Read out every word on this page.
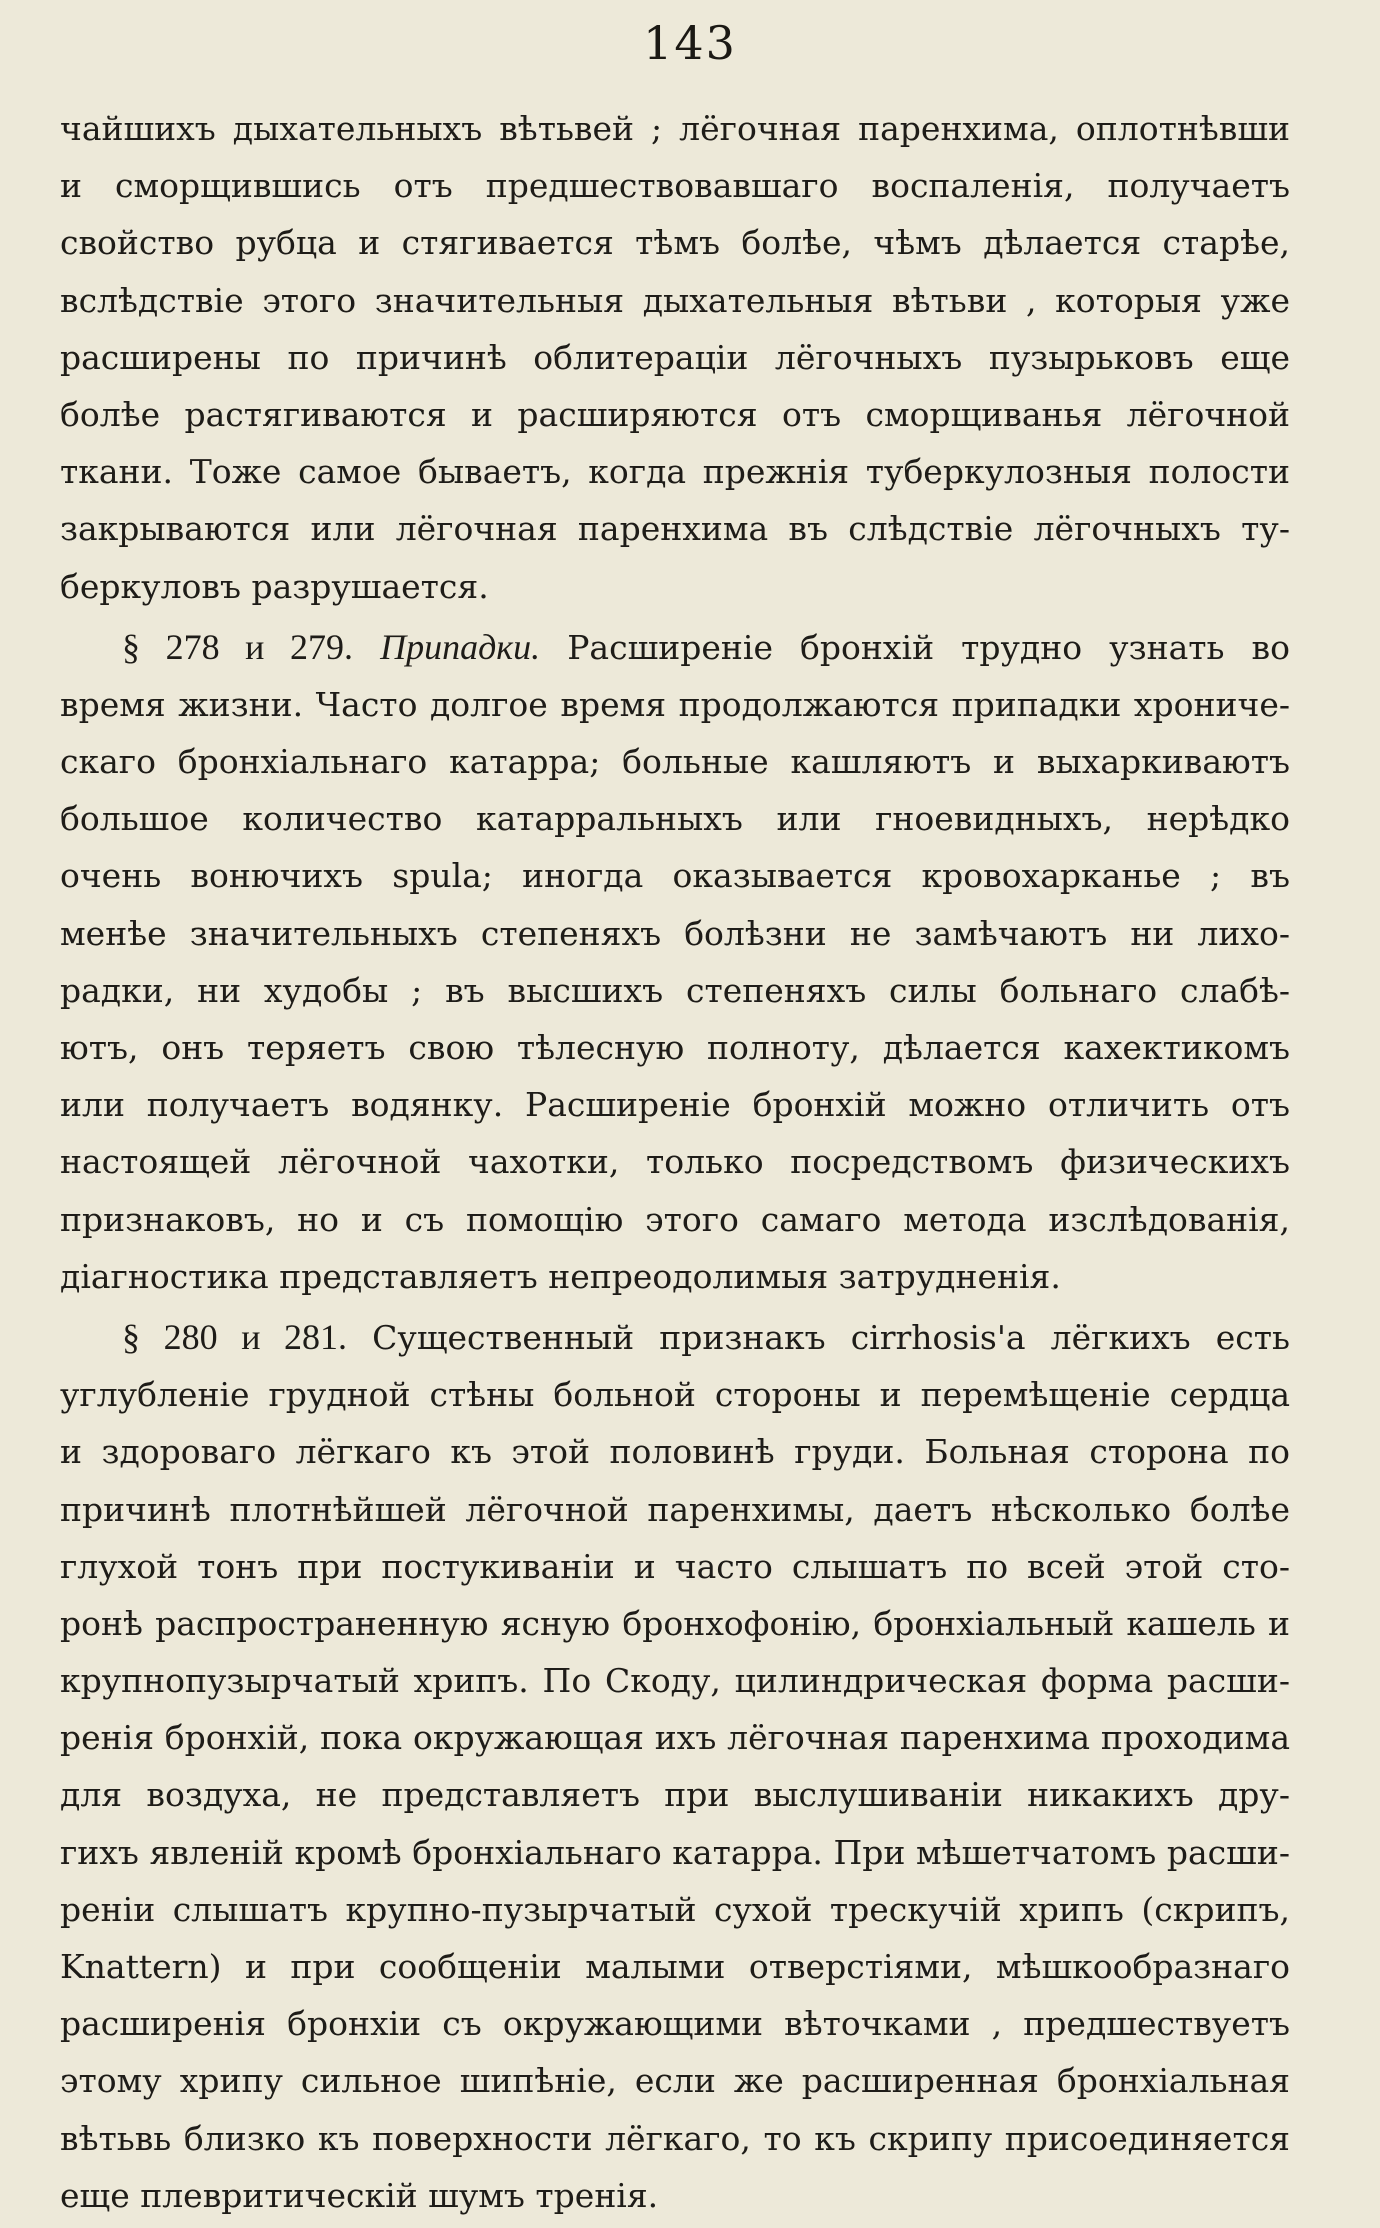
143
чайшихъ дыхательныхъ вѣтьвей ; лёгочная паренхима, оплотнѣвши
и сморщившись отъ предшествовавшаго воспаленія, получаетъ
свойство рубца и стягивается тѣмъ болѣе, чѣмъ дѣлается старѣе,
вслѣдствіе этого значительныя дыхательныя вѣтьви , которыя уже
расширены по причинѣ облитераціи лёгочныхъ пузырьковъ еще
болѣе растягиваются и расширяются отъ сморщиванья лёгочной
ткани. Тоже самое бываетъ, когда прежнія туберкулозныя полости
закрываются или лёгочная паренхима въ слѣдствіе лёгочныхъ ту-
беркуловъ разрушается.
§ 278 и 279. Припадки. Расширеніе бронхій трудно узнать во
время жизни. Часто долгое время продолжаются припадки хрониче-
скаго бронхіальнаго катарра; больные кашляютъ и выхаркиваютъ
большое количество катарральныхъ или гноевидныхъ, нерѣдко
очень вонючихъ spula; иногда оказывается кровохарканье ; въ
менѣе значительныхъ степеняхъ болѣзни не замѣчаютъ ни лихо-
радки, ни худобы ; въ высшихъ степеняхъ силы больнаго слабѣ-
ютъ, онъ теряетъ свою тѣлесную полноту, дѣлается кахектикомъ
или получаетъ водянку. Расширеніе бронхій можно отличить отъ
настоящей лёгочной чахотки, только посредствомъ физическихъ
признаковъ, но и съ помощію этого самаго метода изслѣдованія,
діагностика представляетъ непреодолимыя затрудненія.
§ 280 и 281. Существенный признакъ cirrhosis'а лёгкихъ есть
углубленіе грудной стѣны больной стороны и перемѣщеніе сердца
и здороваго лёгкаго къ этой половинѣ груди. Больная сторона по
причинѣ плотнѣйшей лёгочной паренхимы, даетъ нѣсколько болѣе
глухой тонъ при постукиваніи и часто слышатъ по всей этой сто-
ронѣ распространенную ясную бронхофонію, бронхіальный кашель и
крупнопузырчатый хрипъ. По Скоду, цилиндрическая форма расши-
ренія бронхій, пока окружающая ихъ лёгочная паренхима проходима
для воздуха, не представляетъ при выслушиваніи никакихъ дру-
гихъ явленій кромѣ бронхіальнаго катарра. При мѣшетчатомъ расши-
реніи слышатъ крупно-пузырчатый сухой трескучій хрипъ (скрипъ,
Knattern) и при сообщеніи малыми отверстіями, мѣшкообразнаго
расширенія бронхіи съ окружающими вѣточками , предшествуетъ
этому хрипу сильное шипѣніе, если же расширенная бронхіальная
вѣтьвь близко къ поверхности лёгкаго, то къ скрипу присоединяется
еще плевритическій шумъ тренія.
